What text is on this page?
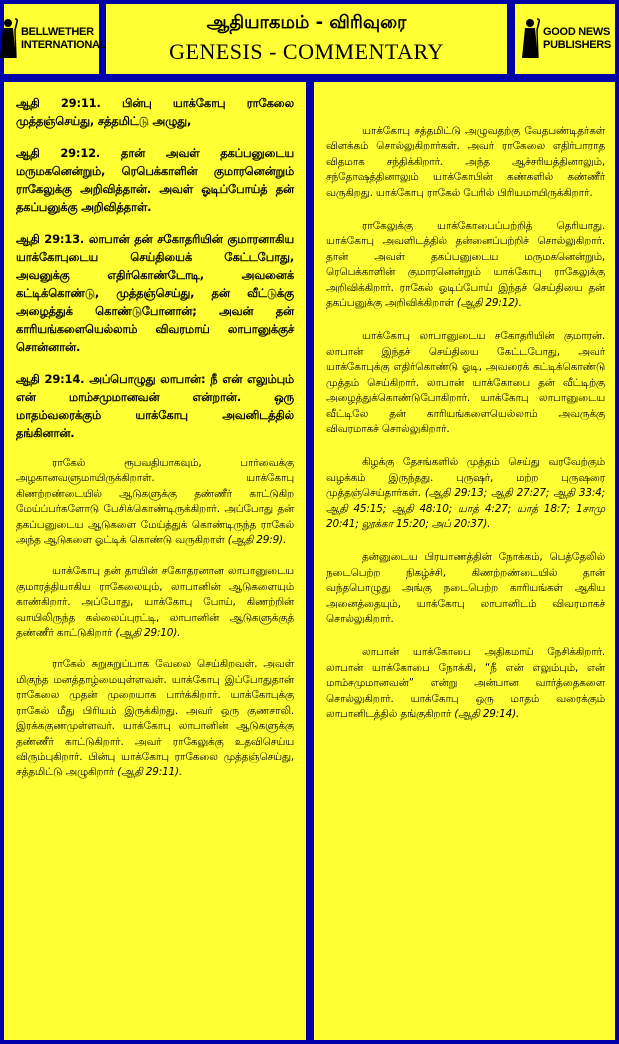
BELLWETHER
INTERNATIONAL
ஆதியாகமம் - விரிவுரை
GENESIS - COMMENTARY
GOOD NEWS
PUBLISHERS

ஆதி 29:11. பின்பு யாக்கோபு ராகேலை முத்தஞ்செய்து, சத்தமிட்டு அழுது,

ஆதி 29:12. தான் அவள் தகப்பனுடைய மருமகனென்றும், ரெபெக்காளின் குமாரனென்றும் ராகேலுக்கு அறிவித்தான். அவள் ஓடிப்போய்த் தன் தகப்பனுக்கு அறிவித்தாள்.

ஆதி 29:13. லாபான் தன் சகோதரியின் குமாரனாகிய யாக்கோபுடைய செய்தியைக் கேட்டபோது, அவனுக்கு எதிர்கொண்டோடி, அவனைக் கட்டிக்கொண்டு, முத்தஞ்செய்து, தன் வீட்டுக்கு அழைத்துக் கொண்டுபோனான்; அவன் தன் காரியங்களையெல்லாம் விவரமாய் லாபானுக்குச் சொன்னான்.

ஆதி 29:14. அப்பொழுது லாபான்: நீ என் எலும்பும் என் மாம்சமுமானவன் என்றான். ஒரு மாதம்வரைக்கும் யாக்கோபு அவனிடத்தில் தங்கினான்.

ராகேல் ரூபவதியாகவும், பார்வைக்கு அழகானவளுமாயிருக்கிறாள். யாக்கோபு கிணற்றண்டையில் ஆடுகளுக்கு தண்ணீர் காட்டுகிற மேய்ப்பர்களோடு பேசிக்கொண்டிருக்கிறார். அப்போது தன் தகப்பனுடைய ஆடுகளை மேய்த்துக் கொண்டிருந்த ராகேல் அந்த ஆடுகளை ஓட்டிக் கொண்டு வருகிறாள் (ஆதி 29:9).

யாக்கோபு தன் தாயின் சகோதரனான லாபானுடைய குமாரத்தியாகிய ராகேலையும், லாபானின் ஆடுகளையும் காண்கிறார். அப்போது, யாக்கோபு போய், கிணற்றின் வாயிலிருந்த கல்லைப்புரட்டி, லாபானின் ஆடுகளுக்குத் தண்ணீர் காட்டுகிறார் (ஆதி 29:10).

ராகேல் சுறுசுறுப்பாக வேலை செய்கிறவள். அவள் மிகுந்த மனத்தாழ்மையுள்ளவள். யாக்கோபு இப்போதுதான் ராகேலை முதன் முறையாக பார்க்கிறார். யாக்கோபுக்கு ராகேல் மீது பிரியம் இருக்கிறது. அவர் ஒரு குணசாலி. இரக்ககுணமுள்ளவர். யாக்கோபு லாபானின் ஆடுகளுக்கு தண்ணீர் காட்டுகிறார். அவர் ராகேலுக்கு உதவிசெய்ய விரும்புகிறார். பின்பு யாக்கோபு ராகேலை முத்தஞ்செய்து, சத்தமிட்டு அழுகிறார் (ஆதி 29:11).

யாக்கோபு சத்தமிட்டு அழுவதற்கு வேதபண்டிதர்கள் விளக்கம் சொல்லுகிறார்கள். அவர் ராகேலை எதிர்பாராத விதமாக சந்திக்கிறார். அந்த ஆச்சரியத்தினாலும், சந்தோஷத்தினாலும் யாக்கோபின் கண்களில் கண்ணீர் வருகிறது. யாக்கோபு ராகேல் பேரில் பிரியமாயிருக்கிறார்.

ராகேலுக்கு யாக்கோபைப்பற்றித் தெரியாது. யாக்கோபு அவளிடத்தில் தன்னைப்பற்றிச் சொல்லுகிறார். தான் அவள் தகப்பனுடைய மருமகனென்றும், ரெபெக்காளின் குமாரனென்றும் யாக்கோபு ராகேலுக்கு அறிவிக்கிறார். ராகேல் ஓடிப்போய் இந்தச் செய்தியை தன் தகப்பனுக்கு அறிவிக்கிறாள் (ஆதி 29:12).

யாக்கோபு லாபானுடைய சகோதரியின் குமாரன். லாபான் இந்தச் செய்தியை கேட்டபோது, அவர் யாக்கோபுக்கு எதிர்கொண்டு ஓடி, அவரைக் கட்டிக்கொண்டு முத்தம் செய்கிறார். லாபான் யாக்கோபை தன் வீட்டிற்கு அழைத்துக்கொண்டுபோகிறார். யாக்கோபு லாபானுடைய வீட்டிலே தன் காரியங்களையெல்லாம் அவருக்கு விவரமாகச் சொல்லுகிறார்.

கிழக்கு தேசங்களில் முத்தம் செய்து வரவேற்கும் வழக்கம் இருந்தது. புருஷர், மற்ற புருஷரை முத்தஞ்செய்தார்கள். (ஆதி 29:13; ஆதி 27:27; ஆதி 33:4; ஆதி 45:15; ஆதி 48:10; யாத் 4:27; யாத் 18:7; 1சாமு 20:41; லூக்கா 15:20; அப் 20:37).

தன்னுடைய பிரயாணத்தின் நோக்கம், பெத்தேலில் நடைபெற்ற நிகழ்ச்சி, கிணற்றண்டையில் தான் வந்தபொழுது அங்கு நடைபெற்ற காரியங்கள் ஆகிய அனைத்தையும், யாக்கோபு லாபானிடம் விவரமாகச் சொல்லுகிறார்.

லாபான் யாக்கோபை அதிகமாய் நேசிக்கிறார். லாபான் யாக்கோபை நோக்கி, “நீ என் எலும்பும், என் மாம்சமுமானவன்” என்று அன்பான வார்த்தைகளை சொல்லுகிறார். யாக்கோபு ஒரு மாதம் வரைக்கும் லாபானிடத்தில் தங்குகிறார் (ஆதி 29:14).
